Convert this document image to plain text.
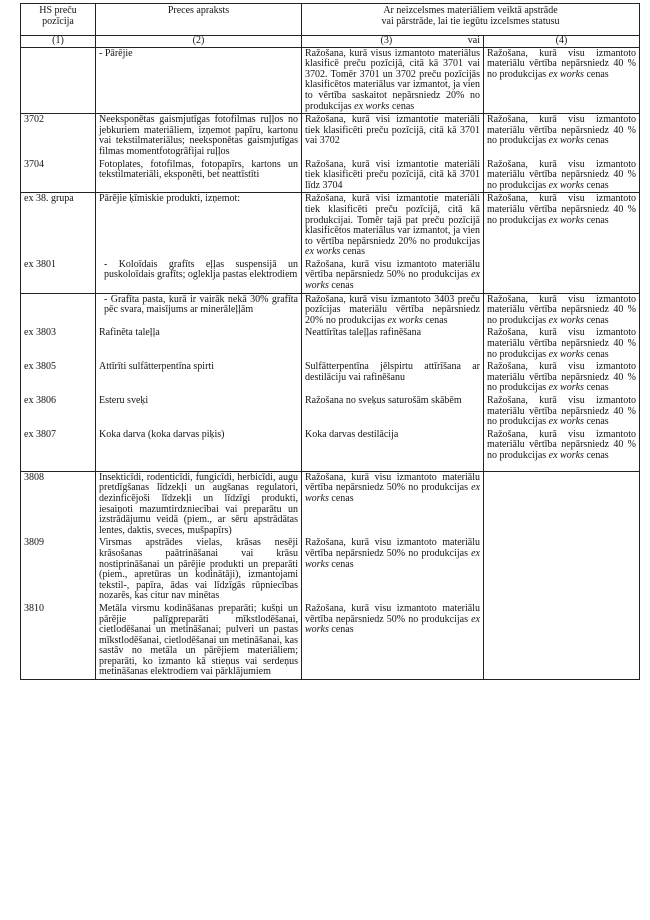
HS preču pozīcija	Preces apraksts	Ar neizcelsmes materiāliem veiktā apstrāde
vai pārstrāde, lai tie iegūtu izcelsmes statusu	

(1)	(2)	(3) vai	(4)
	- Pārējie	Ražošana, kurā visus izmantoto materiālus klasificē preču pozīcijā, citā kā 3701 vai 3702. Tomēr 3701 un 3702 preču pozīcijās klasificētos materiālus var izmantot, ja vien to vērtība saskaitot nepārsniedz 20% no produkcijas ex works cenas	Ražošana, kurā visu izmantoto materiālu vērtība nepārsniedz 40 % no produkcijas ex works cenas
3702	Neeksponētas gaismjutīgas fotofilmas ruļļos no jebkuriem materiāliem, izņemot papīru, kartonu vai tekstilmateriālus; neeksponētas gaismjutīgas filmas momentfotogrāfijai ruļļos	Ražošana, kurā visi izmantotie materiāli tiek klasificēti preču pozīcijā, citā kā 3701 vai 3702	Ražošana, kurā visu izmantoto materiālu vērtība nepārsniedz 40 % no produkcijas ex works cenas
3704	Fotoplates, fotofilmas, fotopapīrs, kartons un tekstilmateriāli, eksponēti, bet neattīstīti	Ražošana, kurā visi izmantotie materiāli tiek klasificēti preču pozīcijā, citā kā 3701 līdz 3704	Ražošana, kurā visu izmantoto materiālu vērtība nepārsniedz 40 % no produkcijas ex works cenas
ex 38. grupa	Pārējie ķīmiskie produkti, izņemot:	Ražošana, kurā visi izmantotie materiāli tiek klasificēti preču pozīcijā, citā kā produkcijai. Tomēr tajā pat preču pozīcijā klasificētos materiālus var izmantot, ja vien to vērtība nepārsniedz 20% no produkcijas ex works cenas	Ražošana, kurā visu izmantoto materiālu vērtība nepārsniedz 40 % no produkcijas ex works cenas
ex 3801	- Koloīdais grafīts eļļas suspensijā un puskoloīdais grafīts; ogleklja pastas elektrodiem	Ražošana, kurā visu izmantoto materiālu vērtība nepārsniedz 50% no produkcijas ex works cenas	
	- Grafīta pasta, kurā ir vairāk nekā 30% grafīta pēc svara, maisījums ar minerāleļļām	Ražošana, kurā visu izmantoto 3403 preču pozīcijas materiālu vērtība nepārsniedz 20% no produkcijas ex works cenas	Ražošana, kurā visu izmantoto materiālu vērtība nepārsniedz 40 % no produkcijas ex works cenas
ex 3803	Rafinēta taleļļa	Neattīrītas taleļļas rafinēšana	Ražošana, kurā visu izmantoto materiālu vērtība nepārsniedz 40 % no produkcijas ex works cenas
ex 3805	Attīrīti sulfātterpentīna spirti	Sulfātterpentīna jēlspirtu attīrīšana ar destilāciju vai rafinēšanu	Ražošana, kurā visu izmantoto materiālu vērtība nepārsniedz 40 % no produkcijas ex works cenas
ex 3806	Esteru sveķi	Ražošana no sveķus saturošām skābēm	Ražošana, kurā visu izmantoto materiālu vērtība nepārsniedz 40 % no produkcijas ex works cenas
ex 3807	Koka darva (koka darvas piķis)	Koka darvas destilācija	Ražošana, kurā visu izmantoto materiālu vērtība nepārsniedz 40 % no produkcijas ex works cenas
3808	Insekticīdi, rodenticīdi, fungicīdi, herbicīdi, augu pretdīgšanas līdzekļi un augšanas regulatori, dezinficējoši līdzekļi un līdzīgi produkti, iesaiņoti mazumtirdzniecībai vai preparātu un izstrādājumu veidā (piem., ar sēru apstrādātas lentes, daktis, sveces, mušpapīrs)	Ražošana, kurā visu izmantoto materiālu vērtība nepārsniedz 50% no produkcijas ex works cenas	
3809	Virsmas apstrādes vielas, krāsas nesēji krāsošanas paātrināšanai vai krāsu nostiprināšanai un pārējie produkti un preparāti (piem., apretūras un kodinātāji), izmantojami tekstil-, papīra, ādas vai līdzīgās rūpniecības nozarēs, kas citur nav minētas	Ražošana, kurā visu izmantoto materiālu vērtība nepārsniedz 50% no produkcijas ex works cenas	
3810	Metāla virsmu kodināšanas preparāti; kušņi un pārējie palīgpreparāti mīkstlodēšanai, cietlodēšanai un metināšanai; pulveri un pastas mīkstlodēšanai, cietlodēšanai un metināšanai, kas sastāv no metāla un pārējiem materiāliem; preparāti, ko izmanto kā stieņus vai serdeņus metināšanas elektrodiem vai pārklājumiem	Ražošana, kurā visu izmantoto materiālu vērtība nepārsniedz 50% no produkcijas ex works cenas	
